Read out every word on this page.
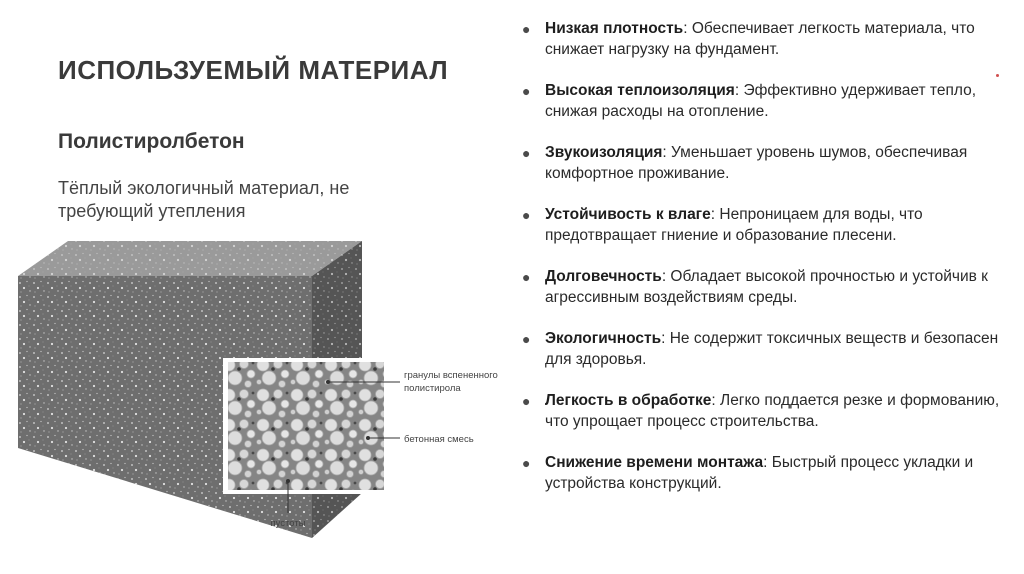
ИСПОЛЬЗУЕМЫЙ МАТЕРИАЛ
Полистиролбетон
Тёплый экологичный материал, не требующий утепления
гранулы вспененного
полистирола
бетонная смесь
пустоты
● Низкая плотность: Обеспечивает легкость материала, что снижает нагрузку на фундамент.
● Высокая теплоизоляция: Эффективно удерживает тепло, снижая расходы на отопление.
● Звукоизоляция: Уменьшает уровень шумов, обеспечивая комфортное проживание.
● Устойчивость к влаге: Непроницаем для воды, что предотвращает гниение и образование плесени.
● Долговечность: Обладает высокой прочностью и устойчив к агрессивным воздействиям среды.
● Экологичность: Не содержит токсичных веществ и безопасен для здоровья.
● Легкость в обработке: Легко поддается резке и формованию, что упрощает процесс строительства.
● Снижение времени монтажа: Быстрый процесс укладки и устройства конструкций.
